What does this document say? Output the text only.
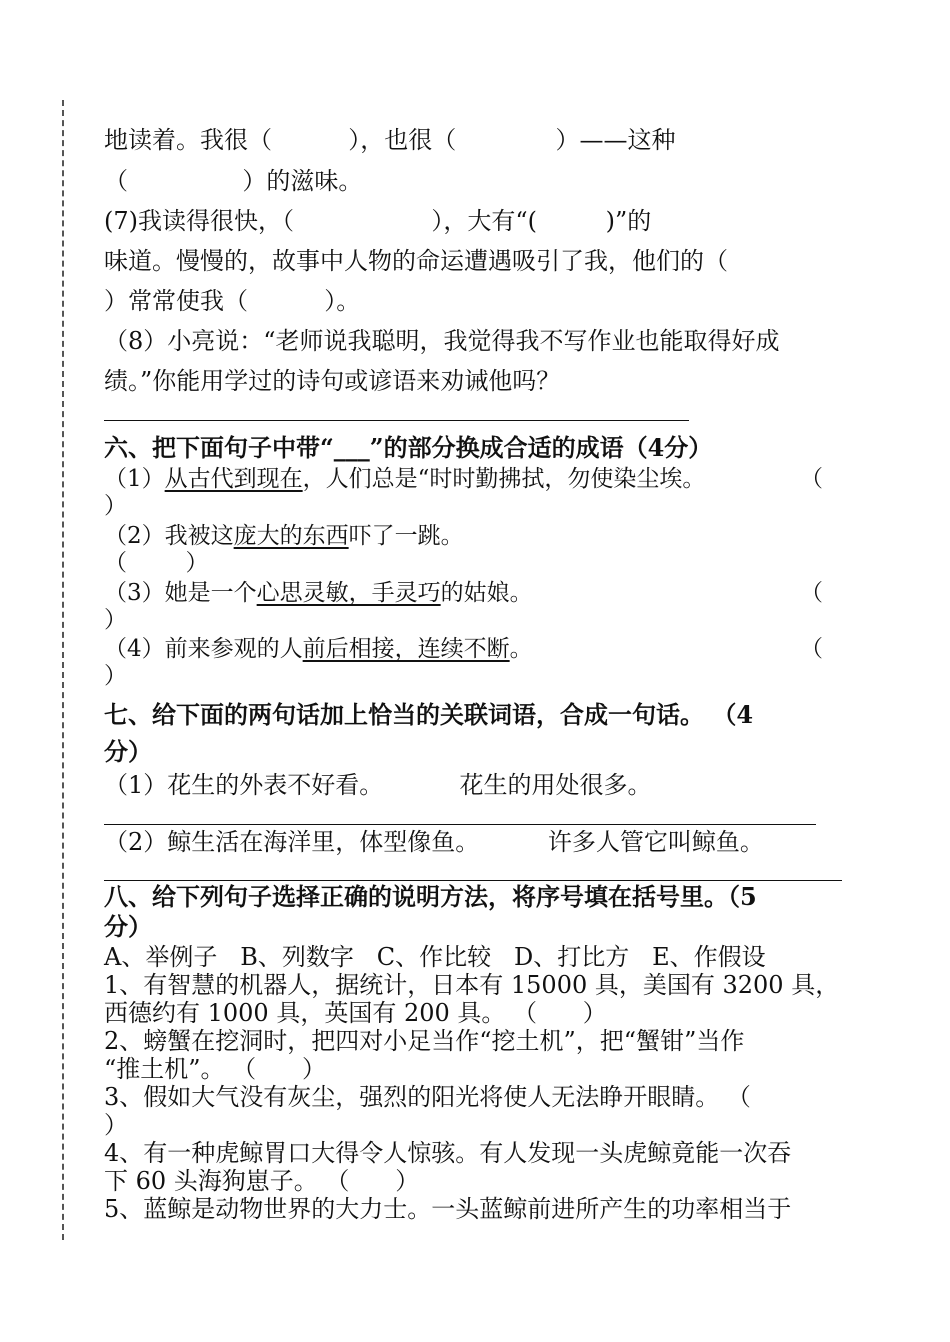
地读着。我很（          ），也很（             ）——这种
（               ）的滋味。
(7)我读得很快，（                  ），大有“(         )”的
味道。慢慢的，故事中人物的命运遭遇吸引了我，他们的（
）常常使我（          ）。
（8）小亮说：“老师说我聪明，我觉得我不写作业也能取得好成
绩。”你能用学过的诗句或谚语来劝诫他吗？
六、把下面句子中带“___”的部分换成合适的成语（4分）
（1）从古代到现在，人们总是“时时勤拂拭，勿使染尘埃。	（
）
（2）我被这庞大的东西吓了一跳。
（        ）
（3）她是一个心思灵敏，手灵巧的姑娘。	（
）
（4）前来参观的人前后相接，连续不断。	（
）
七、给下面的两句话加上恰当的关联词语，合成一句话。 （4
分）
（1）花生的外表不好看。          花生的用处很多。
（2）鲸生活在海洋里，体型像鱼。         许多人管它叫鲸鱼。
八、给下列句子选择正确的说明方法，将序号填在括号里。（5
分）
A、举例子   B、列数字   C、作比较   D、打比方   E、作假设
1、有智慧的机器人，据统计，日本有 15000 具，美国有 3200 具，
西德约有 1000 具，英国有 200 具。 （      ）
2、螃蟹在挖洞时，把四对小足当作“挖土机”，把“蟹钳”当作
“推土机”。 （      ）
3、假如大气没有灰尘，强烈的阳光将使人无法睁开眼睛。 （
）
4、有一种虎鲸胃口大得令人惊骇。有人发现一头虎鲸竟能一次吞
下 60 头海狗崽子。 （      ）
5、蓝鲸是动物世界的大力士。一头蓝鲸前进所产生的功率相当于
